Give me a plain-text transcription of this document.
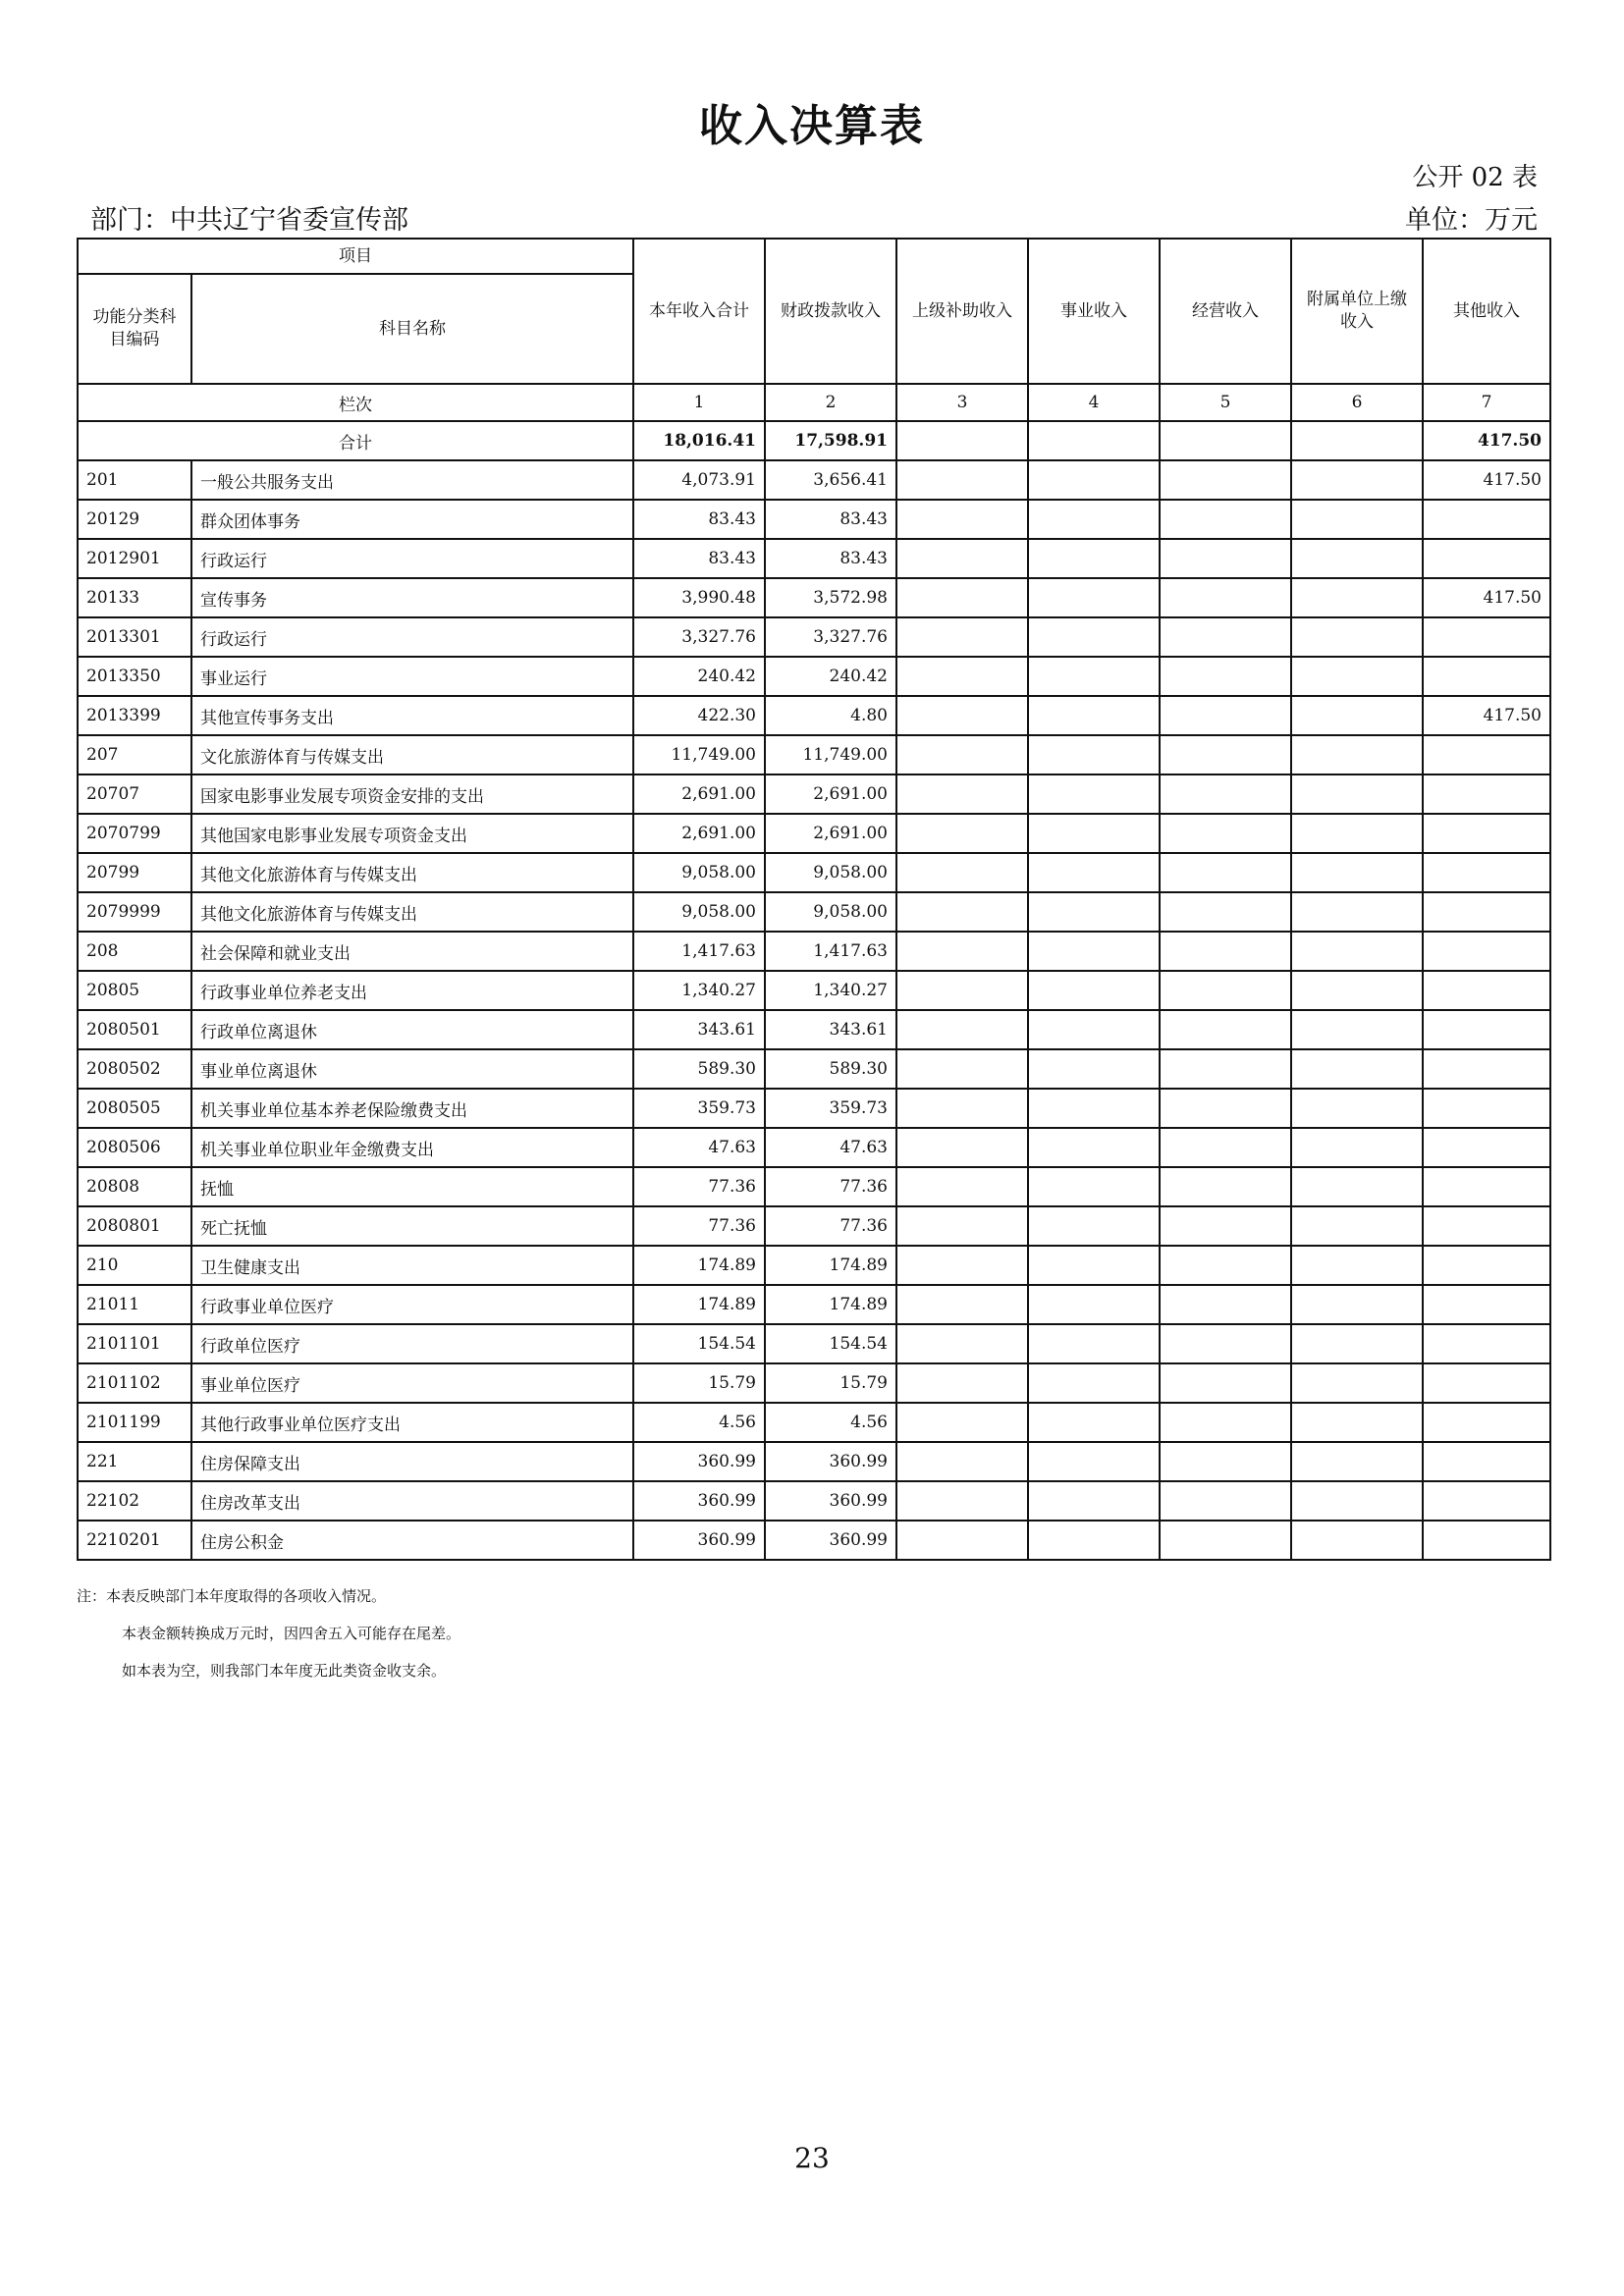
收入决算表
公开 02 表
部门：中共辽宁省委宣传部	单位：万元
项目		本年收入合计	财政拨款收入	上级补助收入	事业收入	经营收入	附属单位上缴收入	其他收入
功能分类科目编码	科目名称							
栏次		1	2	3	4	5	6	7
合计		18,016.41	17,598.91					417.50
201	一般公共服务支出	4,073.91	3,656.41					417.50
20129	群众团体事务	83.43	83.43					
2012901	行政运行	83.43	83.43					
20133	宣传事务	3,990.48	3,572.98					417.50
2013301	行政运行	3,327.76	3,327.76					
2013350	事业运行	240.42	240.42					
2013399	其他宣传事务支出	422.30	4.80					417.50
207	文化旅游体育与传媒支出	11,749.00	11,749.00					
20707	国家电影事业发展专项资金安排的支出	2,691.00	2,691.00					
2070799	其他国家电影事业发展专项资金支出	2,691.00	2,691.00					
20799	其他文化旅游体育与传媒支出	9,058.00	9,058.00					
2079999	其他文化旅游体育与传媒支出	9,058.00	9,058.00					
208	社会保障和就业支出	1,417.63	1,417.63					
20805	行政事业单位养老支出	1,340.27	1,340.27					
2080501	行政单位离退休	343.61	343.61					
2080502	事业单位离退休	589.30	589.30					
2080505	机关事业单位基本养老保险缴费支出	359.73	359.73					
2080506	机关事业单位职业年金缴费支出	47.63	47.63					
20808	抚恤	77.36	77.36					
2080801	死亡抚恤	77.36	77.36					
210	卫生健康支出	174.89	174.89					
21011	行政事业单位医疗	174.89	174.89					
2101101	行政单位医疗	154.54	154.54					
2101102	事业单位医疗	15.79	15.79					
2101199	其他行政事业单位医疗支出	4.56	4.56					
221	住房保障支出	360.99	360.99					
22102	住房改革支出	360.99	360.99					
2210201	住房公积金	360.99	360.99					
注：本表反映部门本年度取得的各项收入情况。
本表金额转换成万元时，因四舍五入可能存在尾差。
如本表为空，则我部门本年度无此类资金收支余。
23
